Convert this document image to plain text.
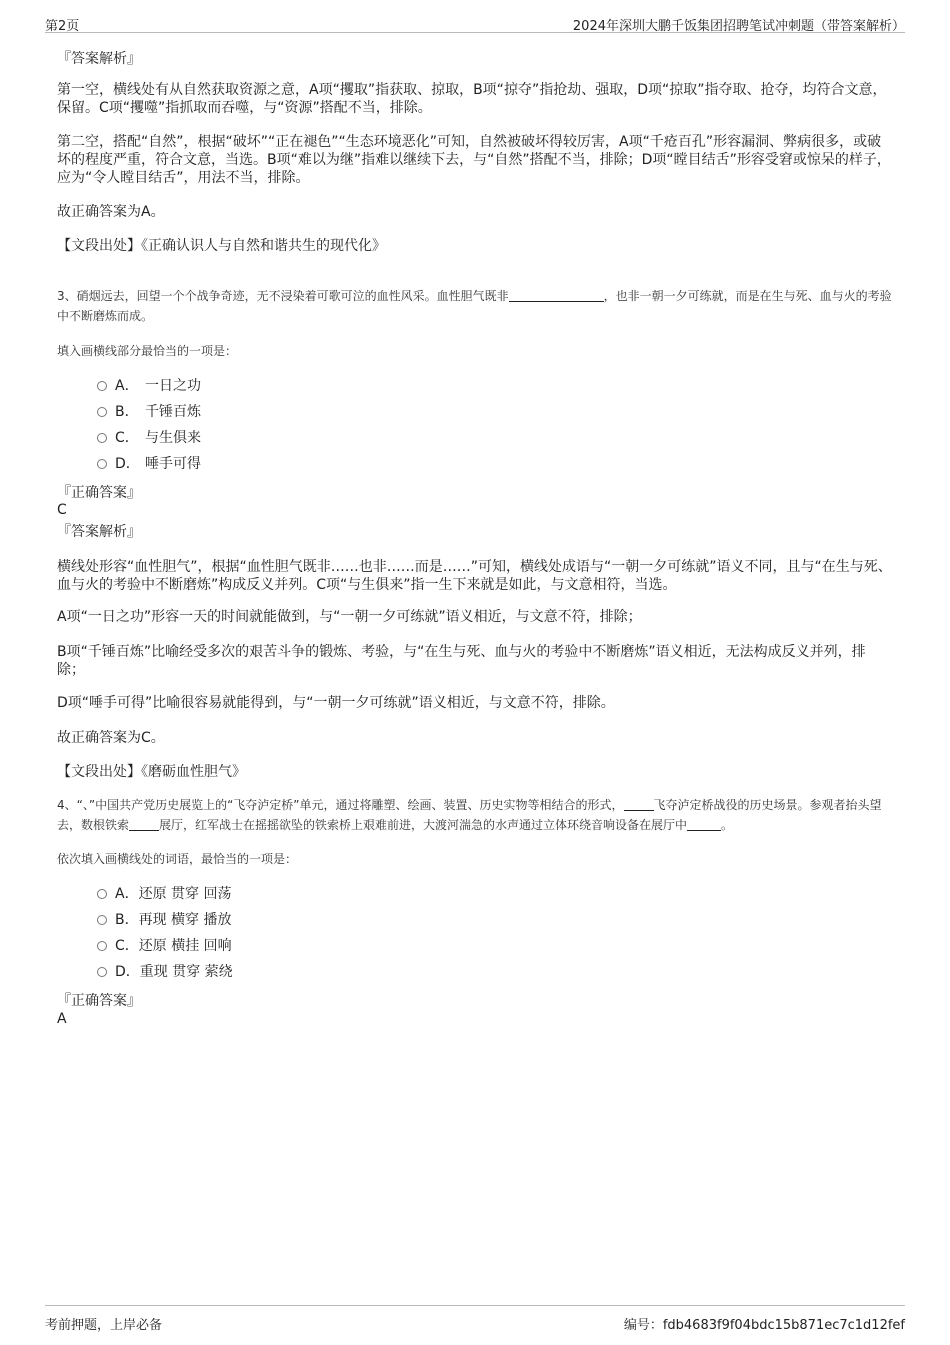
第2页	2024年深圳大鹏千饭集团招聘笔试冲刺题（带答案解析）
『答案解析』
第一空，横线处有从自然获取资源之意，A项“攫取”指获取、掠取，B项“掠夺”指抢劫、强取，D项“掠取”指夺取、抢夺，均符合文意，保留。C项“攫噬”指抓取而吞噬，与“资源”搭配不当，排除。
第二空，搭配“自然”，根据“破坏”“正在褪色”“生态环境恶化”可知，自然被破坏得较厉害，A项“千疮百孔”形容漏洞、弊病很多，或破坏的程度严重，符合文意，当选。B项“难以为继”指难以继续下去，与“自然”搭配不当，排除；D项“瞠目结舌”形容受窘或惊呆的样子，应为“令人瞠目结舌”，用法不当，排除。
故正确答案为A。
【文段出处】《正确认识人与自然和谐共生的现代化》
3、硝烟远去，回望一个个战争奇迹，无不浸染着可歌可泣的血性风采。血性胆气既非	，也非一朝一夕可练就，而是在生与死、血与火的考验中不断磨炼而成。
填入画横线部分最恰当的一项是：
A． 一日之功
B． 千锤百炼
C． 与生俱来
D． 唾手可得
『正确答案』
C
『答案解析』
横线处形容“血性胆气”，根据“血性胆气既非……也非……而是……”可知，横线处成语与“一朝一夕可练就”语义不同，且与“在生与死、血与火的考验中不断磨炼”构成反义并列。C项“与生俱来”指一生下来就是如此，与文意相符，当选。
A项“一日之功”形容一天的时间就能做到，与“一朝一夕可练就”语义相近，与文意不符，排除；
B项“千锤百炼”比喻经受多次的艰苦斗争的锻炼、考验，与“在生与死、血与火的考验中不断磨炼”语义相近，无法构成反义并列，排除；
D项“唾手可得”比喻很容易就能得到，与“一朝一夕可练就”语义相近，与文意不符，排除。
故正确答案为C。
【文段出处】《磨砺血性胆气》
4、“、”中国共产党历史展览上的“飞夺泸定桥”单元，通过将雕塑、绘画、装置、历史实物等相结合的形式，	飞夺泸定桥战役的历史场景。参观者抬头望去，数根铁索	展厅，红军战士在摇摇欲坠的铁索桥上艰难前进，大渡河湍急的水声通过立体环绕音响设备在展厅中	。
依次填入画横线处的词语，最恰当的一项是：
A．还原 贯穿 回荡
B．再现 横穿 播放
C．还原 横挂 回响
D．重现 贯穿 萦绕
『正确答案』
A
考前押题，上岸必备	编号：fdb4683f9f04bdc15b871ec7c1d12fef
